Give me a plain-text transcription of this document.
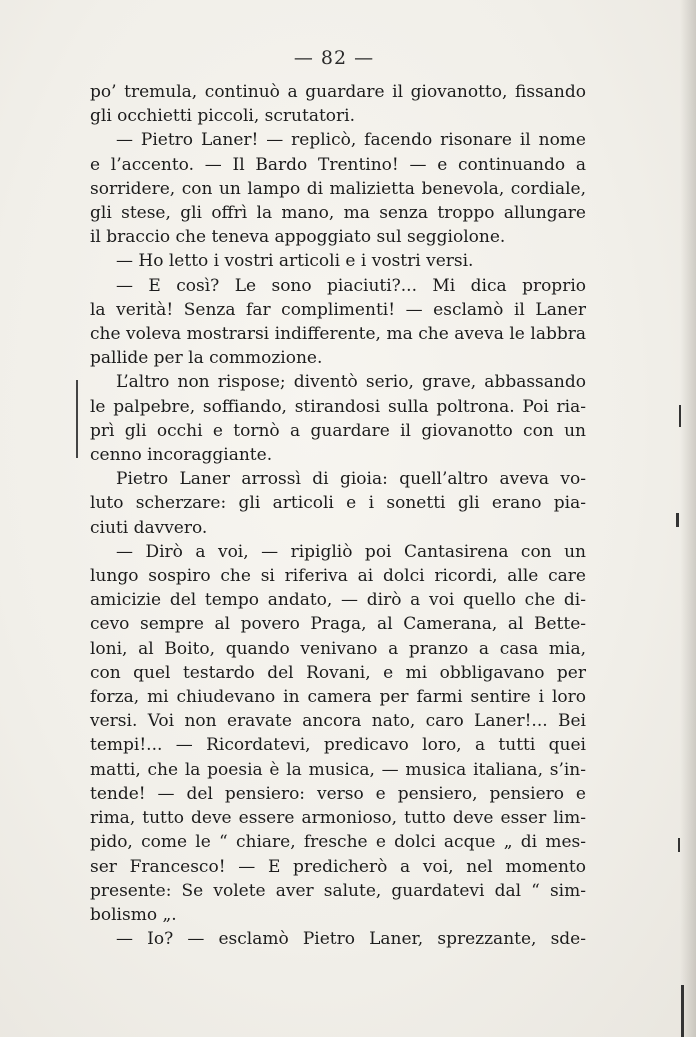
— 82 —
po’ tremula, continuò a guardare il giovanotto, fissando
gli occhietti piccoli, scrutatori.
— Pietro Laner! — replicò, facendo risonare il nome
e l’accento. — Il Bardo Trentino! — e continuando a
sorridere, con un lampo di malizietta benevola, cordiale,
gli stese, gli offrì la mano, ma senza troppo allungare
il braccio che teneva appoggiato sul seggiolone.
— Ho letto i vostri articoli e i vostri versi.
— E così? Le sono piaciuti?... Mi dica proprio
la verità! Senza far complimenti! — esclamò il Laner
che voleva mostrarsi indifferente, ma che aveva le labbra
pallide per la commozione.
L’altro non rispose; diventò serio, grave, abbassando
le palpebre, soffiando, stirandosi sulla poltrona. Poi ria-
prì gli occhi e tornò a guardare il giovanotto con un
cenno incoraggiante.
Pietro Laner arrossì di gioia: quell’altro aveva vo-
luto scherzare: gli articoli e i sonetti gli erano pia-
ciuti davvero.
— Dirò a voi, — ripigliò poi Cantasirena con un
lungo sospiro che si riferiva ai dolci ricordi, alle care
amicizie del tempo andato, — dirò a voi quello che di-
cevo sempre al povero Praga, al Camerana, al Bette-
loni, al Boito, quando venivano a pranzo a casa mia,
con quel testardo del Rovani, e mi obbligavano per
forza, mi chiudevano in camera per farmi sentire i loro
versi. Voi non eravate ancora nato, caro Laner!... Bei
tempi!... — Ricordatevi, predicavo loro, a tutti quei
matti, che la poesia è la musica, — musica italiana, s’in-
tende! — del pensiero: verso e pensiero, pensiero e
rima, tutto deve essere armonioso, tutto deve esser lim-
pido, come le “ chiare, fresche e dolci acque „ di mes-
ser Francesco! — E predicherò a voi, nel momento
presente: Se volete aver salute, guardatevi dal “ sim-
bolismo „.
— Io? — esclamò Pietro Laner, sprezzante, sde-
